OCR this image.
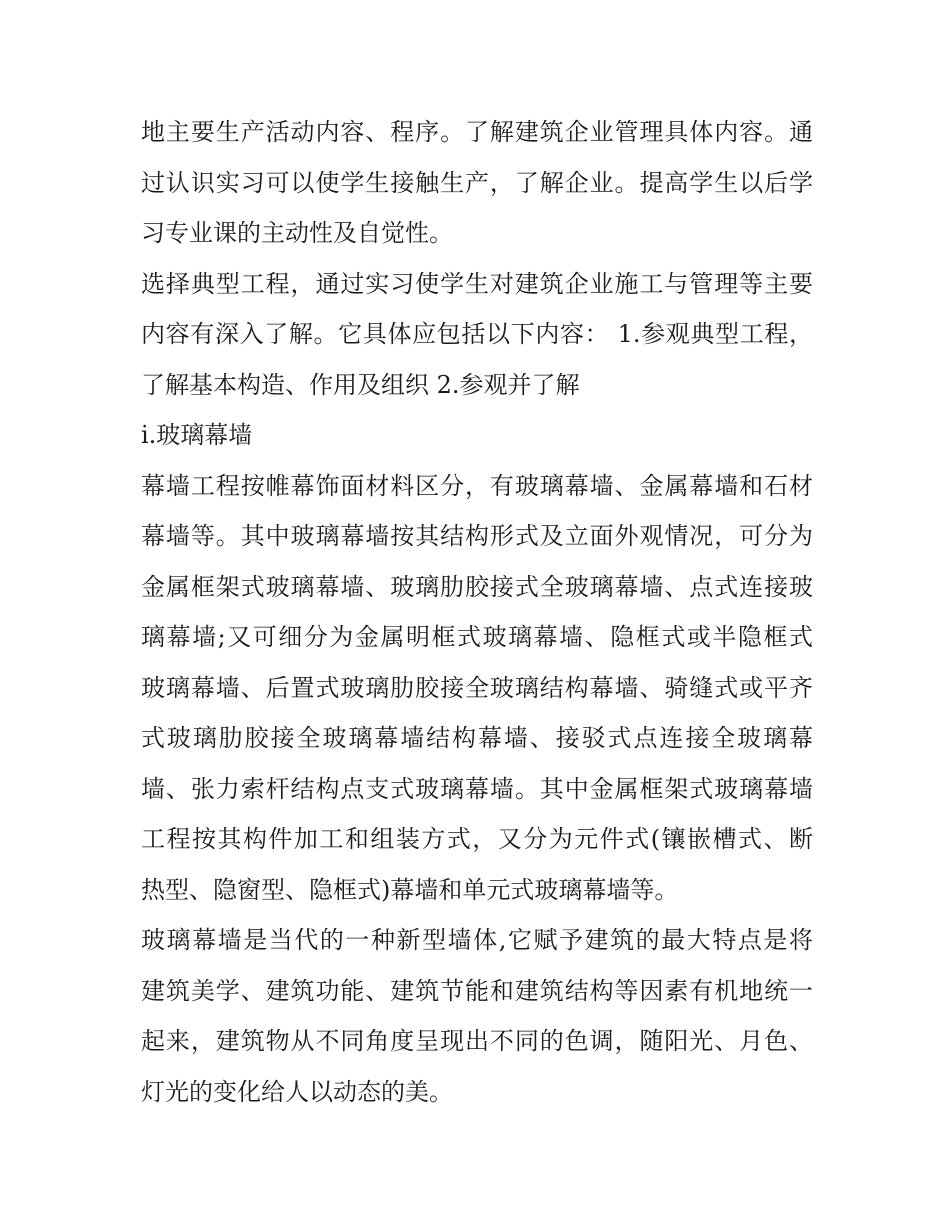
地主要生产活动内容、程序。了解建筑企业管理具体内容。通
过认识实习可以使学生接触生产，了解企业。提高学生以后学
习专业课的主动性及自觉性。
选择典型工程，通过实习使学生对建筑企业施工与管理等主要
内容有深入了解。它具体应包括以下内容： 1.参观典型工程，
了解基本构造、作用及组织 2.参观并了解
i.玻璃幕墙
幕墙工程按帷幕饰面材料区分，有玻璃幕墙、金属幕墙和石材
幕墙等。其中玻璃幕墙按其结构形式及立面外观情况，可分为
金属框架式玻璃幕墙、玻璃肋胶接式全玻璃幕墙、点式连接玻
璃幕墙;又可细分为金属明框式玻璃幕墙、隐框式或半隐框式
玻璃幕墙、后置式玻璃肋胶接全玻璃结构幕墙、骑缝式或平齐
式玻璃肋胶接全玻璃幕墙结构幕墙、接驳式点连接全玻璃幕
墙、张力索杆结构点支式玻璃幕墙。其中金属框架式玻璃幕墙
工程按其构件加工和组装方式，又分为元件式(镶嵌槽式、断
热型、隐窗型、隐框式)幕墙和单元式玻璃幕墙等。
玻璃幕墙是当代的一种新型墙体,它赋予建筑的最大特点是将
建筑美学、建筑功能、建筑节能和建筑结构等因素有机地统一
起来，建筑物从不同角度呈现出不同的色调，随阳光、月色、
灯光的变化给人以动态的美。
